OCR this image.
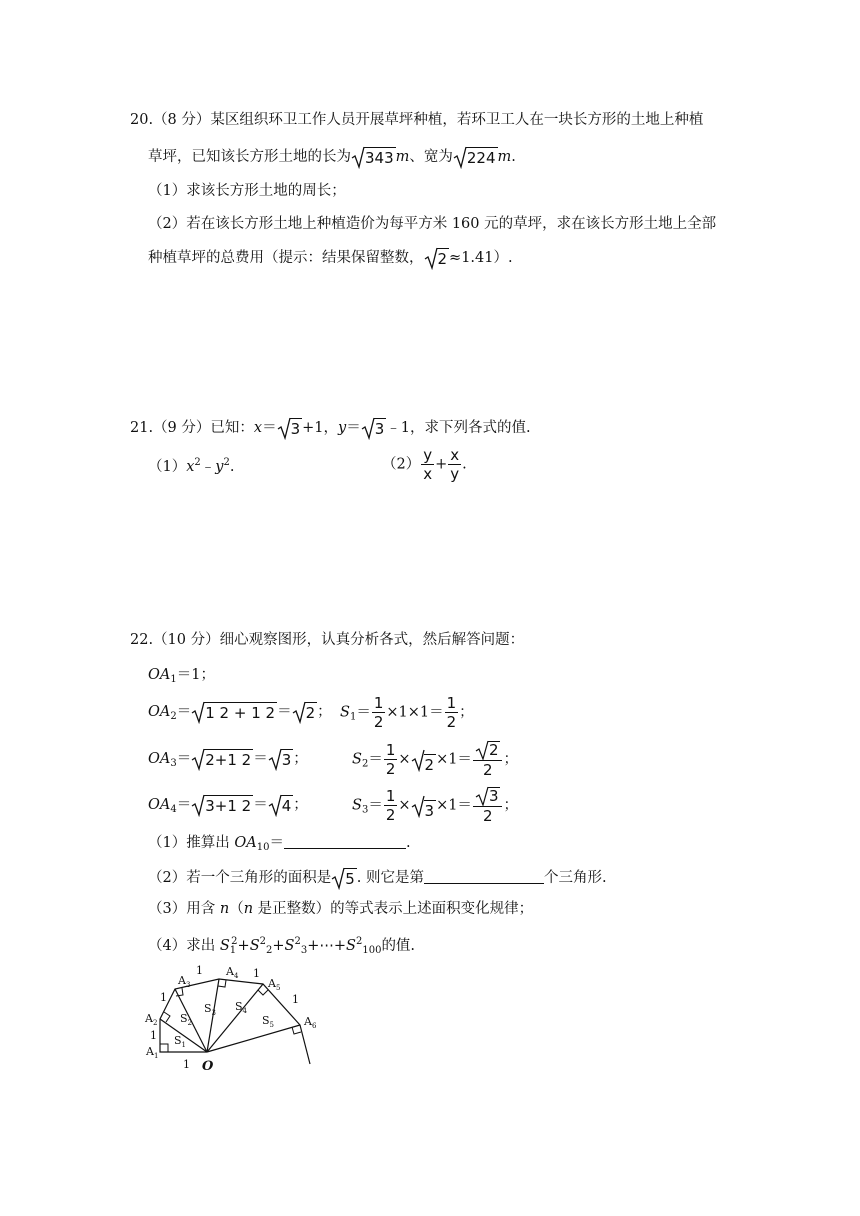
20.（8 分）某区组织环卫工作人员开展草坪种植，若环卫工人在一块长方形的土地上种植
草坪，已知该长方形土地的长为 343 m、宽为 224 m.
（1）求该长方形土地的周长；
（2）若在该长方形土地上种植造价为每平方米 160 元的草坪，求在该长方形土地上全部
种植草坪的总费用（提示：结果保留整数， 2 ≈1.41）.
21.（9 分）已知：x＝ 3 +1，y＝ 3 ﹣1，求下列各式的值.
$(1)x^2﹣y^2$.	$(2) \frac{y}{x} + \frac{x}{y}$ .
22.（10 分）细心观察图形，认真分析各式，然后解答问题：
$OA_1=1$；
$OA_2= 1$ 2 + 1 2 ＝ 2 ； $S_1= \frac{1}{2} \times 1\times 1= \frac{1}{2}$ ；
$OA_3= 2+1$ 2 ＝ 3 ；	$S_2= \frac{1}{2} \times 2 \times 1= \frac{2}{2}$ ；
$OA_4= 3+1$ 2 ＝ 4 ；	$S_3= \frac{1}{2} \times 3 \times 1= \frac{3}{2}$ ；
（1）推算出 $OA_{10}=$	.
（2）若一个三角形的面积是 5 . 则它是第	个三角形.
（3）用含 n（n 是正整数）的等式表示上述面积变化规律；
（4）求出 $S_1^2+S^2_2+S^2_3+\cdots+S^2_{100}$的值.
$A_1$
$A_2$
$A_3$
$A_4$
$A_5$
$A_6$
$S_1$
$S_2$
$S_3$ $S_4$
$S_5$
1
1
1
1	1
1
O
